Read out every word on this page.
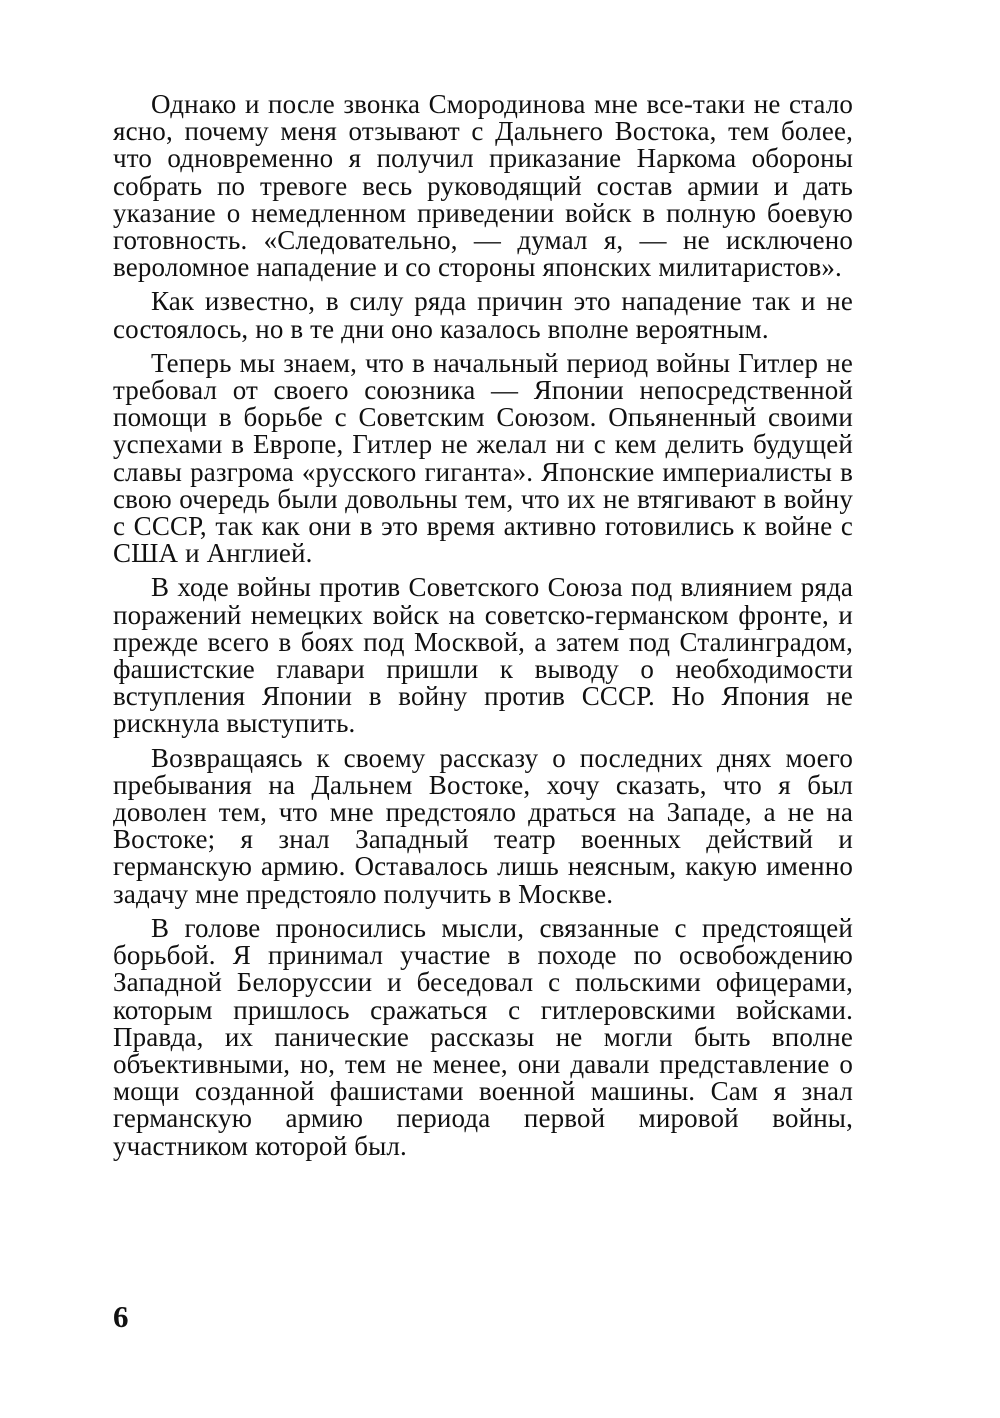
Однако и после звонка Смородинова мне все-таки не стало ясно, почему меня отзывают с Дальнего Востока, тем более, что одновременно я получил приказание Наркома обороны собрать по тревоге весь руководящий состав армии и дать указание о немедленном приведении войск в полную боевую готовность. «Следовательно, — думал я, — не исключено вероломное нападение и со стороны японских милитаристов».

Как известно, в силу ряда причин это нападение так и не состоялось, но в те дни оно казалось вполне вероятным.

Теперь мы знаем, что в начальный период войны Гитлер не требовал от своего союзника — Японии непосредственной помощи в борьбе с Советским Союзом. Опьяненный своими успехами в Европе, Гитлер не желал ни с кем делить будущей славы разгрома «русского гиганта». Японские империалисты в свою очередь были довольны тем, что их не втягивают в войну с СССР, так как они в это время активно готовились к войне с США и Англией.

В ходе войны против Советского Союза под влиянием ряда поражений немецких войск на советско-германском фронте, и прежде всего в боях под Москвой, а затем под Сталинградом, фашистские главари пришли к выводу о необходимости вступления Японии в войну против СССР. Но Япония не рискнула выступить.

Возвращаясь к своему рассказу о последних днях моего пребывания на Дальнем Востоке, хочу сказать, что я был доволен тем, что мне предстояло драться на Западе, а не на Востоке; я знал Западный театр военных действий и германскую армию. Оставалось лишь неясным, какую именно задачу мне предстояло получить в Москве.

В голове проносились мысли, связанные с предстоящей борьбой. Я принимал участие в походе по освобождению Западной Белоруссии и беседовал с польскими офицерами, которым пришлось сражаться с гитлеровскими войсками. Правда, их панические рассказы не могли быть вполне объективными, но, тем не менее, они давали представление о мощи созданной фашистами военной машины. Сам я знал германскую армию периода первой мировой войны, участником которой был.

6
